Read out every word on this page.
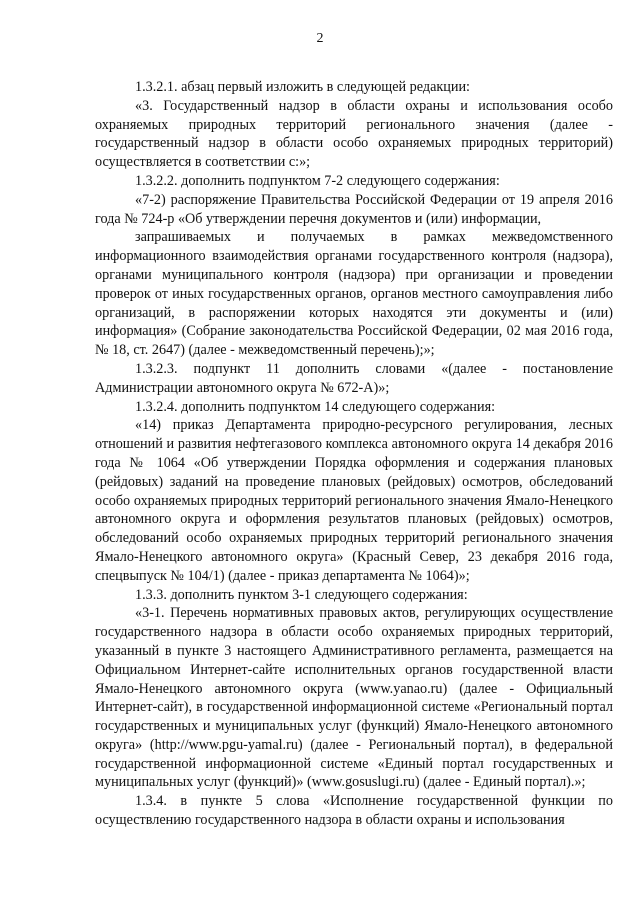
2

1.3.2.1. абзац первый изложить в следующей редакции:

«3. Государственный надзор в области охраны и использования особо охраняемых природных территорий регионального значения (далее - государственный надзор в области особо охраняемых природных территорий) осуществляется в соответствии с:»;

1.3.2.2. дополнить подпунктом 7-2 следующего содержания:

«7-2) распоряжение Правительства Российской Федерации от 19 апреля 2016 года № 724-р «Об утверждении перечня документов и (или) информации,

запрашиваемых и получаемых в рамках межведомственного информационного взаимодействия органами государственного контроля (надзора), органами муниципального контроля (надзора) при организации и проведении проверок от иных государственных органов, органов местного самоуправления либо организаций, в распоряжении которых находятся эти документы и (или) информация» (Собрание законодательства Российской Федерации, 02 мая 2016 года, № 18, ст. 2647) (далее - межведомственный перечень);»;

1.3.2.3. подпункт 11 дополнить словами «(далее - постановление Администрации автономного округа № 672-А)»;

1.3.2.4. дополнить подпунктом 14 следующего содержания:

«14) приказ Департамента природно-ресурсного регулирования, лесных отношений и развития нефтегазового комплекса автономного округа 14 декабря 2016 года № 1064 «Об утверждении Порядка оформления и содержания плановых (рейдовых) заданий на проведение плановых (рейдовых) осмотров, обследований особо охраняемых природных территорий регионального значения Ямало-Ненецкого автономного округа и оформления результатов плановых (рейдовых) осмотров, обследований особо охраняемых природных территорий регионального значения Ямало-Ненецкого автономного округа» (Красный Север, 23 декабря 2016 года, спецвыпуск № 104/1) (далее - приказ департамента № 1064)»;

1.3.3. дополнить пунктом 3-1 следующего содержания:

«3-1. Перечень нормативных правовых актов, регулирующих осуществление государственного надзора в области особо охраняемых природных территорий, указанный в пункте 3 настоящего Административного регламента, размещается на Официальном Интернет-сайте исполнительных органов государственной власти Ямало-Ненецкого автономного округа (www.yanao.ru) (далее - Официальный Интернет-сайт), в государственной информационной системе «Региональный портал государственных и муниципальных услуг (функций) Ямало-Ненецкого автономного округа» (http://www.pgu-yamal.ru) (далее - Региональный портал), в федеральной государственной информационной системе «Единый портал государственных и муниципальных услуг (функций)» (www.gosuslugi.ru) (далее - Единый портал).»;

1.3.4. в пункте 5 слова «Исполнение государственной функции по осуществлению государственного надзора в области охраны и использования
